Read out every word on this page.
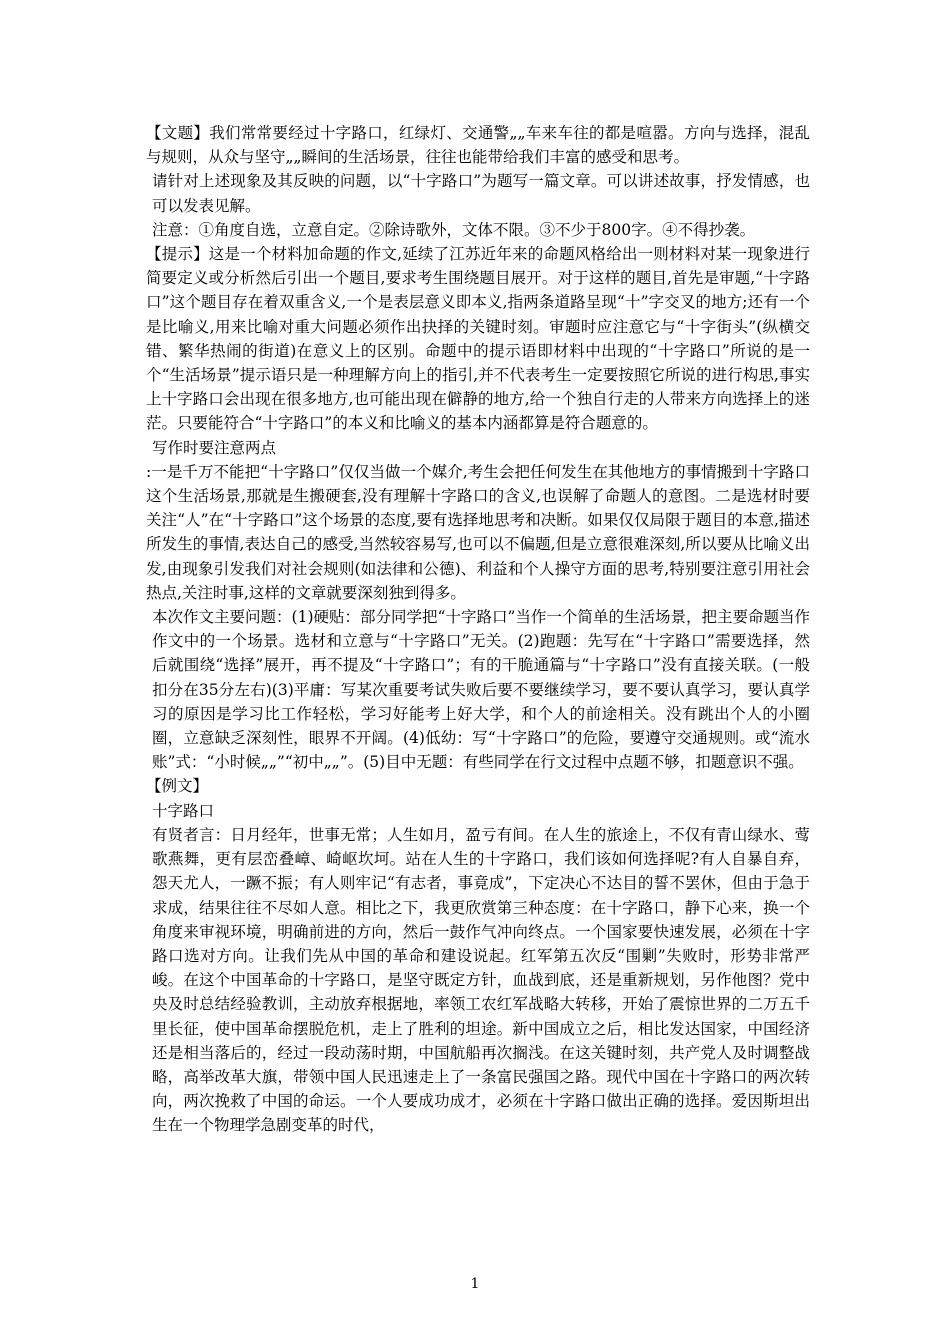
【文题】我们常常要经过十字路口，红绿灯、交通警„„车来车往的都是喧嚣。方向与选择，混乱与规则，从众与坚守„„瞬间的生活场景，往往也能带给我们丰富的感受和思考。

请针对上述现象及其反映的问题，以“十字路口”为题写一篇文章。可以讲述故事，抒发情感，也可以发表见解。

注意：①角度自选，立意自定。②除诗歌外，文体不限。③不少于800字。④不得抄袭。

【提示】这是一个材料加命题的作文,延续了江苏近年来的命题风格给出一则材料对某一现象进行简要定义或分析然后引出一个题目,要求考生围绕题目展开。对于这样的题目,首先是审题,“十字路口”这个题目存在着双重含义,一个是表层意义即本义,指两条道路呈现“十”字交叉的地方;还有一个是比喻义,用来比喻对重大问题必须作出抉择的关键时刻。审题时应注意它与“十字街头”(纵横交错、繁华热闹的街道)在意义上的区别。命题中的提示语即材料中出现的“十字路口”所说的是一个“生活场景”提示语只是一种理解方向上的指引,并不代表考生一定要按照它所说的进行构思,事实上十字路口会出现在很多地方,也可能出现在僻静的地方,给一个独自行走的人带来方向选择上的迷茫。只要能符合“十字路口”的本义和比喻义的基本内涵都算是符合题意的。

写作时要注意两点

:一是千万不能把“十字路口”仅仅当做一个媒介,考生会把任何发生在其他地方的事情搬到十字路口这个生活场景,那就是生搬硬套,没有理解十字路口的含义,也误解了命题人的意图。二是选材时要关注“人”在“十字路口”这个场景的态度,要有选择地思考和决断。如果仅仅局限于题目的本意,描述所发生的事情,表达自己的感受,当然较容易写,也可以不偏题,但是立意很难深刻,所以要从比喻义出发,由现象引发我们对社会规则(如法律和公德)、利益和个人操守方面的思考,特别要注意引用社会热点,关注时事,这样的文章就要深刻独到得多。

本次作文主要问题：(1)硬贴：部分同学把“十字路口”当作一个简单的生活场景，把主要命题当作作文中的一个场景。选材和立意与“十字路口”无关。(2)跑题：先写在“十字路口”需要选择，然后就围绕“选择”展开，再不提及“十字路口”；有的干脆通篇与“十字路口”没有直接关联。(一般扣分在35分左右)(3)平庸：写某次重要考试失败后要不要继续学习，要不要认真学习，要认真学习的原因是学习比工作轻松，学习好能考上好大学，和个人的前途相关。没有跳出个人的小圈圈，立意缺乏深刻性，眼界不开阔。(4)低幼：写“十字路口”的危险，要遵守交通规则。或“流水账”式：“小时候„„”“初中„„”。(5)目中无题：有些同学在行文过程中点题不够，扣题意识不强。

【例文】

十字路口

有贤者言：日月经年，世事无常；人生如月，盈亏有间。在人生的旅途上，不仅有青山绿水、莺歌燕舞，更有层峦叠嶂、崎岖坎坷。站在人生的十字路口，我们该如何选择呢?有人自暴自弃，怨天尤人，一蹶不振；有人则牢记“有志者，事竟成”，下定决心不达目的誓不罢休，但由于急于求成，结果往往不尽如人意。相比之下，我更欣赏第三种态度：在十字路口，静下心来，换一个角度来审视环境，明确前进的方向，然后一鼓作气冲向终点。一个国家要快速发展，必须在十字路口选对方向。让我们先从中国的革命和建设说起。红军第五次反“围剿”失败时，形势非常严峻。在这个中国革命的十字路口，是坚守既定方针，血战到底，还是重新规划，另作他图？党中央及时总结经验教训，主动放弃根据地，率领工农红军战略大转移，开始了震惊世界的二万五千里长征，使中国革命摆脱危机，走上了胜利的坦途。新中国成立之后，相比发达国家，中国经济还是相当落后的，经过一段动荡时期，中国航船再次搁浅。在这关键时刻，共产党人及时调整战略，高举改革大旗，带领中国人民迅速走上了一条富民强国之路。现代中国在十字路口的两次转向，两次挽救了中国的命运。一个人要成功成才，必须在十字路口做出正确的选择。爱因斯坦出生在一个物理学急剧变革的时代，

1
